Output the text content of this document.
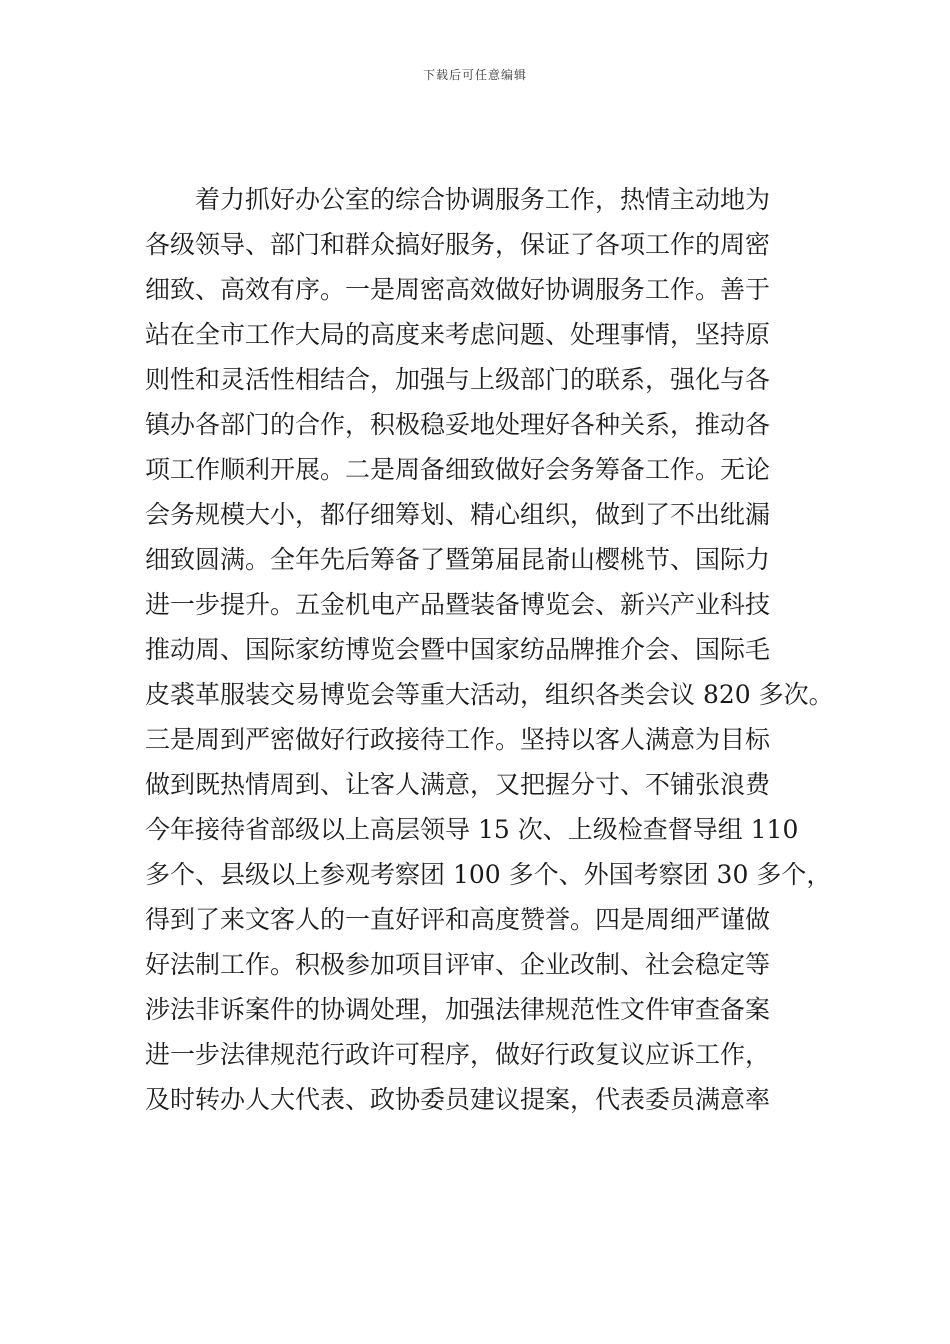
下载后可任意编辑
着力抓好办公室的综合协调服务工作，热情主动地为
各级领导、部门和群众搞好服务，保证了各项工作的周密
细致、高效有序。一是周密高效做好协调服务工作。善于
站在全市工作大局的高度来考虑问题、处理事情，坚持原
则性和灵活性相结合，加强与上级部门的联系，强化与各
镇办各部门的合作，积极稳妥地处理好各种关系，推动各
项工作顺利开展。二是周备细致做好会务筹备工作。无论
会务规模大小，都仔细筹划、精心组织，做到了不出纰漏
细致圆满。全年先后筹备了暨第届昆嵛山樱桃节、国际力
进一步提升。五金机电产品暨装备博览会、新兴产业科技
推动周、国际家纺博览会暨中国家纺品牌推介会、国际毛
皮裘革服装交易博览会等重大活动，组织各类会议 820 多次。
三是周到严密做好行政接待工作。坚持以客人满意为目标
做到既热情周到、让客人满意，又把握分寸、不铺张浪费
今年接待省部级以上高层领导 15 次、上级检查督导组 110
多个、县级以上参观考察团 100 多个、外国考察团 30 多个，
得到了来文客人的一直好评和高度赞誉。四是周细严谨做
好法制工作。积极参加项目评审、企业改制、社会稳定等
涉法非诉案件的协调处理，加强法律规范性文件审查备案
进一步法律规范行政许可程序，做好行政复议应诉工作，
及时转办人大代表、政协委员建议提案，代表委员满意率
